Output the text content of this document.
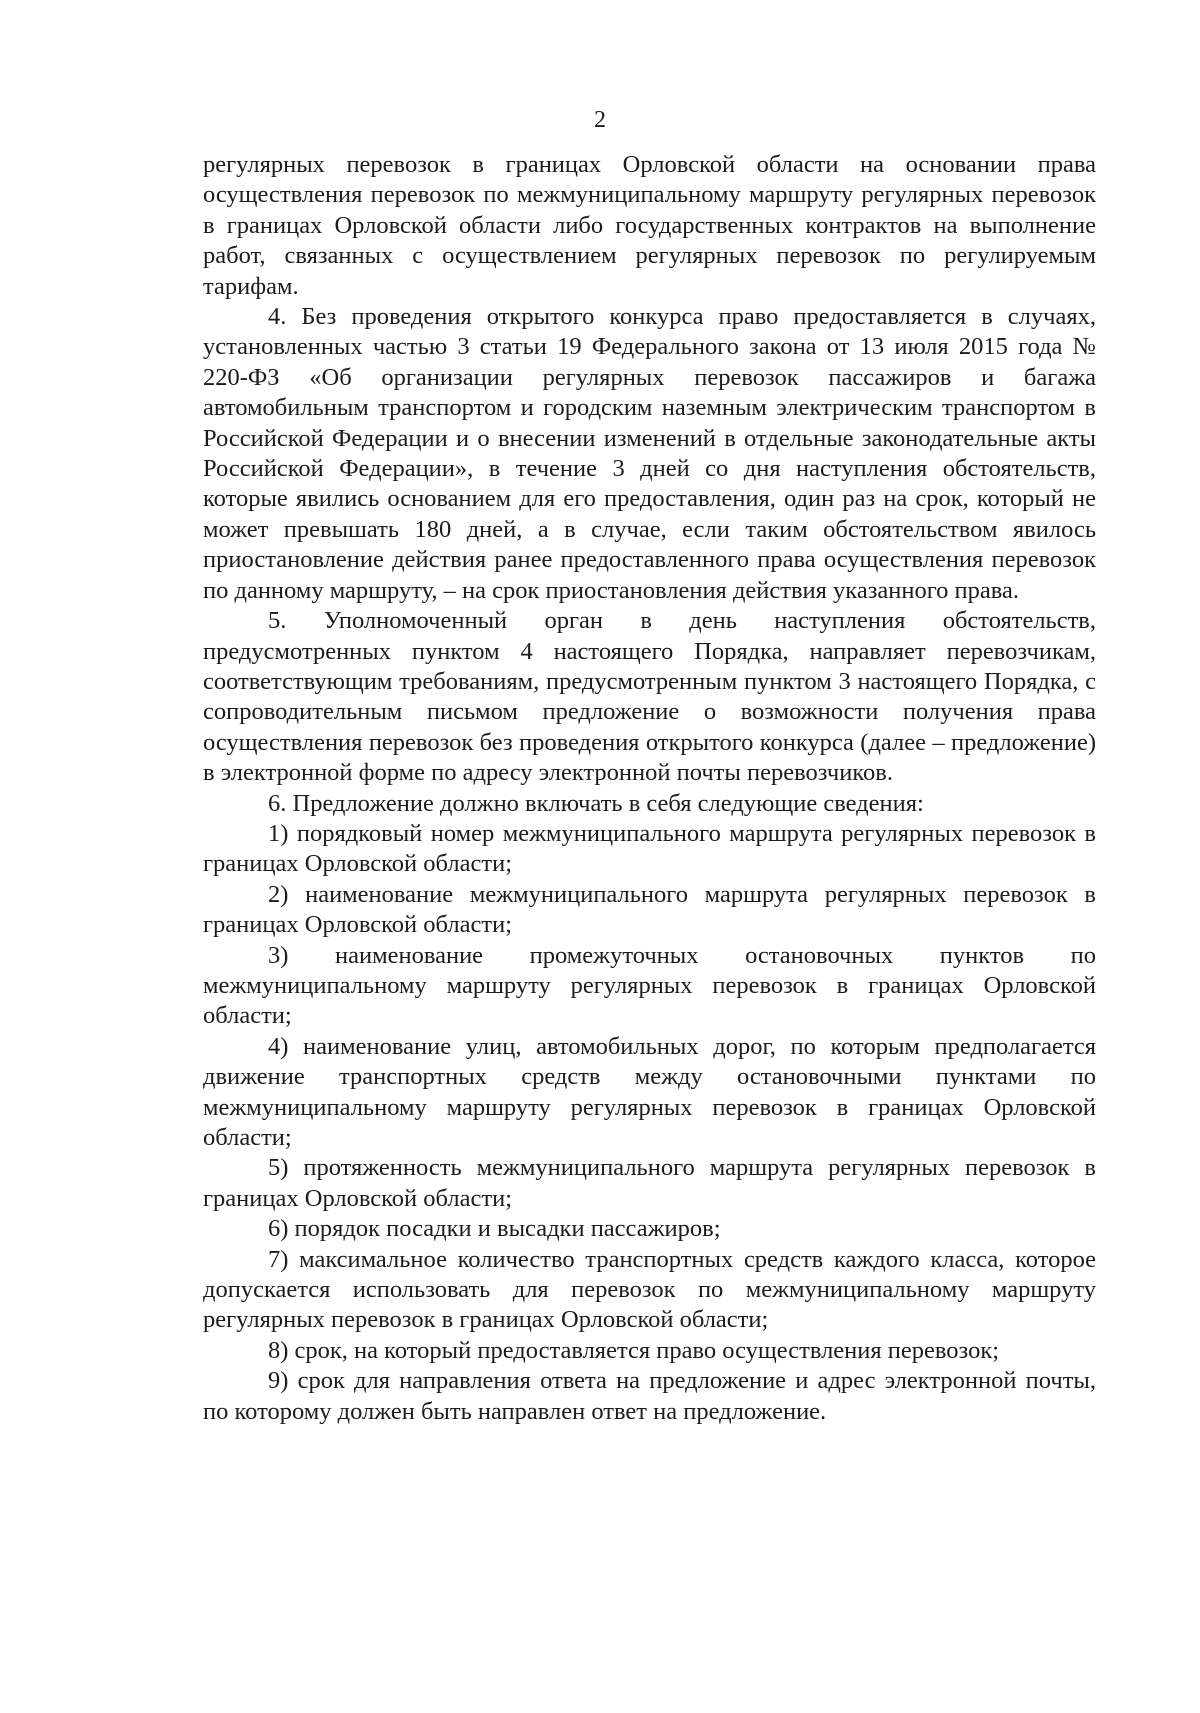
2

регулярных перевозок в границах Орловской области на основании права осуществления перевозок по межмуниципальному маршруту регулярных перевозок в границах Орловской области либо государственных контрактов на выполнение работ, связанных с осуществлением регулярных перевозок по регулируемым тарифам.

4. Без проведения открытого конкурса право предоставляется в случаях, установленных частью 3 статьи 19 Федерального закона от 13 июля 2015 года № 220-ФЗ «Об организации регулярных перевозок пассажиров и багажа автомобильным транспортом и городским наземным электрическим транспортом в Российской Федерации и о внесении изменений в отдельные законодательные акты Российской Федерации», в течение 3 дней со дня наступления обстоятельств, которые явились основанием для его предоставления, один раз на срок, который не может превышать 180 дней, а в случае, если таким обстоятельством явилось приостановление действия ранее предоставленного права осуществления перевозок по данному маршруту, – на срок приостановления действия указанного права.

5. Уполномоченный орган в день наступления обстоятельств, предусмотренных пунктом 4 настоящего Порядка, направляет перевозчикам, соответствующим требованиям, предусмотренным пунктом 3 настоящего Порядка, с сопроводительным письмом предложение о возможности получения права осуществления перевозок без проведения открытого конкурса (далее – предложение) в электронной форме по адресу электронной почты перевозчиков.

6. Предложение должно включать в себя следующие сведения:

1) порядковый номер межмуниципального маршрута регулярных перевозок в границах Орловской области;

2) наименование межмуниципального маршрута регулярных перевозок в границах Орловской области;

3) наименование промежуточных остановочных пунктов по межмуниципальному маршруту регулярных перевозок в границах Орловской области;

4) наименование улиц, автомобильных дорог, по которым предполагается движение транспортных средств между остановочными пунктами по межмуниципальному маршруту регулярных перевозок в границах Орловской области;

5) протяженность межмуниципального маршрута регулярных перевозок в границах Орловской области;

6) порядок посадки и высадки пассажиров;

7) максимальное количество транспортных средств каждого класса, которое допускается использовать для перевозок по межмуниципальному маршруту регулярных перевозок в границах Орловской области;

8) срок, на который предоставляется право осуществления перевозок;

9) срок для направления ответа на предложение и адрес электронной почты, по которому должен быть направлен ответ на предложение.
